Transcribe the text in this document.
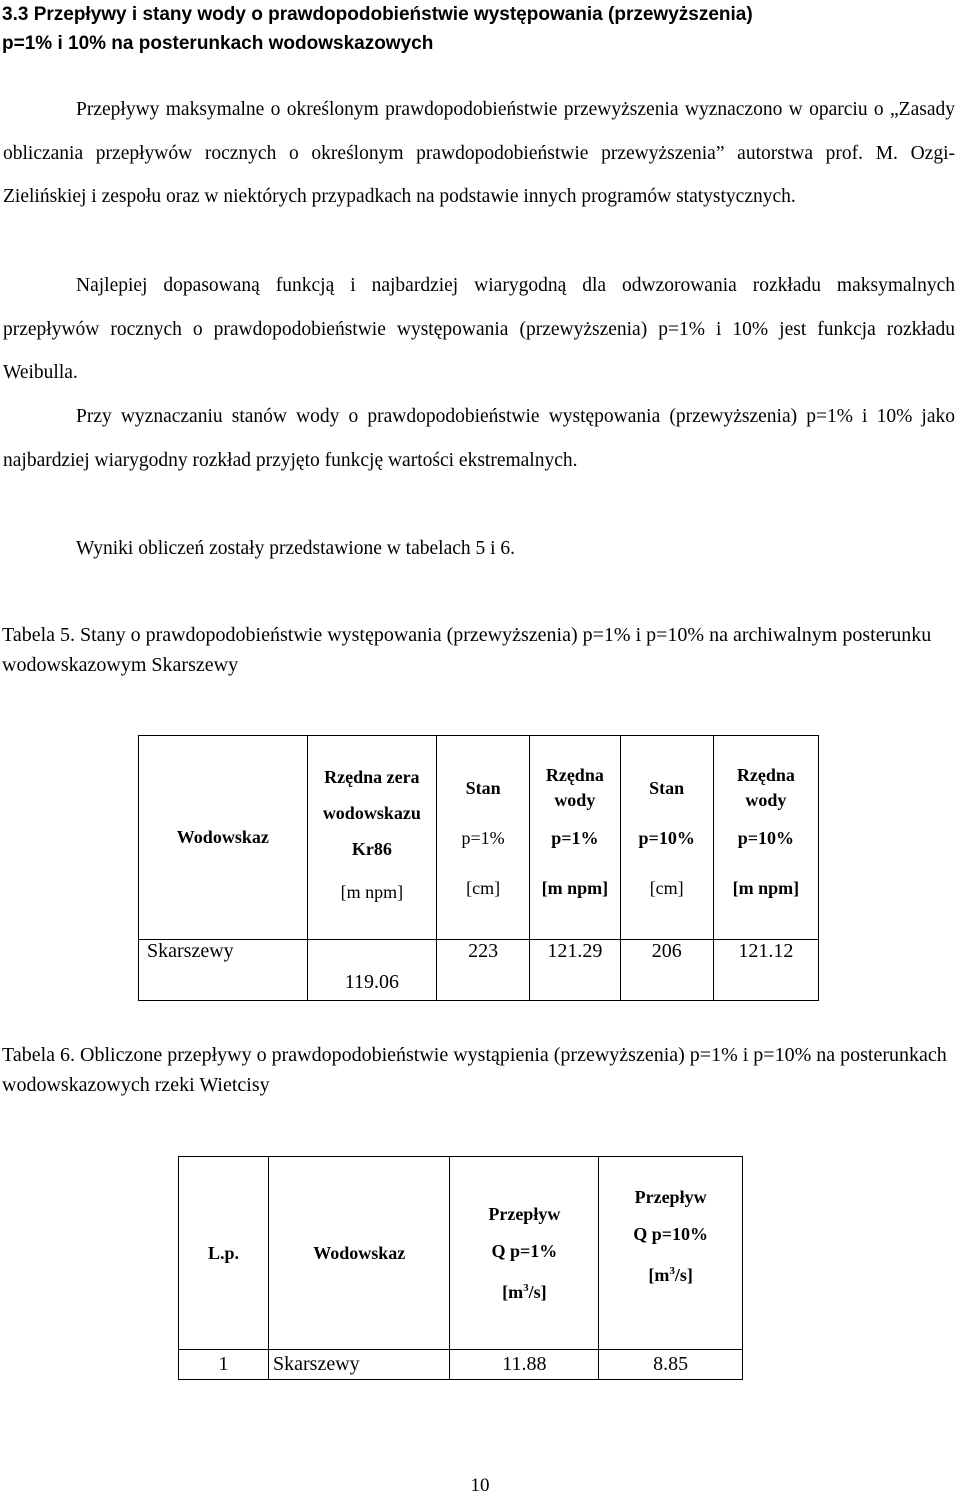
3.3 Przepływy i stany wody o prawdopodobieństwie występowania (przewyższenia)
p=1% i 10% na posterunkach wodowskazowych
Przepływy maksymalne o określonym prawdopodobieństwie przewyższenia wyznaczono w oparciu o „Zasady obliczania przepływów rocznych o określonym prawdopodobieństwie przewyższenia” autorstwa prof. M. Ozgi-Zielińskiej i zespołu oraz w niektórych przypadkach na podstawie innych programów statystycznych.
Najlepiej dopasowaną funkcją i najbardziej wiarygodną dla odwzorowania rozkładu maksymalnych przepływów rocznych o prawdopodobieństwie występowania (przewyższenia) p=1% i 10% jest funkcja rozkładu Weibulla.
Przy wyznaczaniu stanów wody o prawdopodobieństwie występowania (przewyższenia) p=1% i 10% jako najbardziej wiarygodny rozkład przyjęto funkcję wartości ekstremalnych.
Wyniki obliczeń zostały przedstawione w tabelach 5 i 6.
Tabela 5. Stany o prawdopodobieństwie występowania (przewyższenia) p=1% i p=10% na archiwalnym posterunku wodowskazowym Skarszewy
Wodowskaz	Rzędna zera
wodowskazu
Kr86
[m npm]	Stan
p=1%
[cm]	Rzędna
wody
p=1%
[m npm]	Stan
p=10%
[cm]	Rzędna
wody
p=10%
[m npm]

Skarszewy	119.06	223	121.29	206	121.12
Tabela 6. Obliczone przepływy o prawdopodobieństwie wystąpienia (przewyższenia) p=1% i p=10% na posterunkach wodowskazowych rzeki Wietcisy
L.p.	Wodowskaz	Przepływ
Q p=1%
$[m^3/s]$	Przepływ
Q p=10%
$[m^3/s]$

1	Skarszewy	11.88	8.85
10
